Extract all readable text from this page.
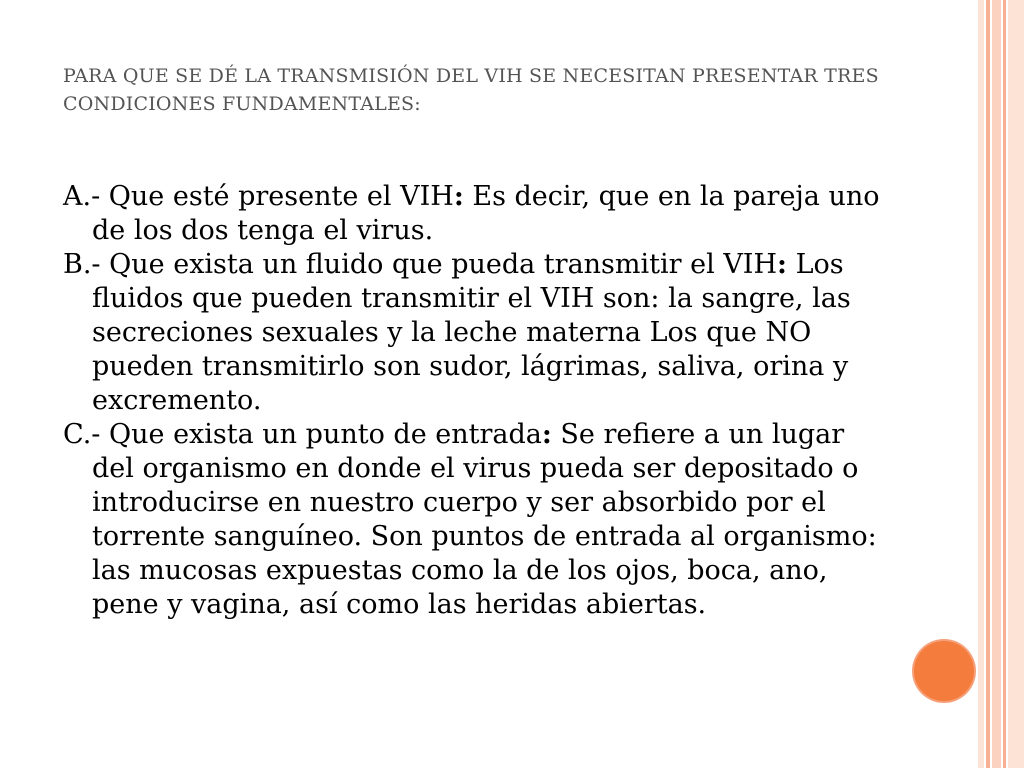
PARA QUE SE DÉ LA TRANSMISIÓN DEL VIH SE NECESITAN PRESENTAR TRES CONDICIONES FUNDAMENTALES:

A.- Que esté presente el VIH: Es decir, que en la pareja uno de los dos tenga el virus.

B.- Que exista un fluido que pueda transmitir el VIH: Los fluidos que pueden transmitir el VIH son: la sangre, las secreciones sexuales y la leche materna Los que NO pueden transmitirlo son sudor, lágrimas, saliva, orina y excremento.

C.- Que exista un punto de entrada: Se refiere a un lugar del organismo en donde el virus pueda ser depositado o introducirse en nuestro cuerpo y ser absorbido por el torrente sanguíneo. Son puntos de entrada al organismo: las mucosas expuestas como la de los ojos, boca, ano, pene y vagina, así como las heridas abiertas.
